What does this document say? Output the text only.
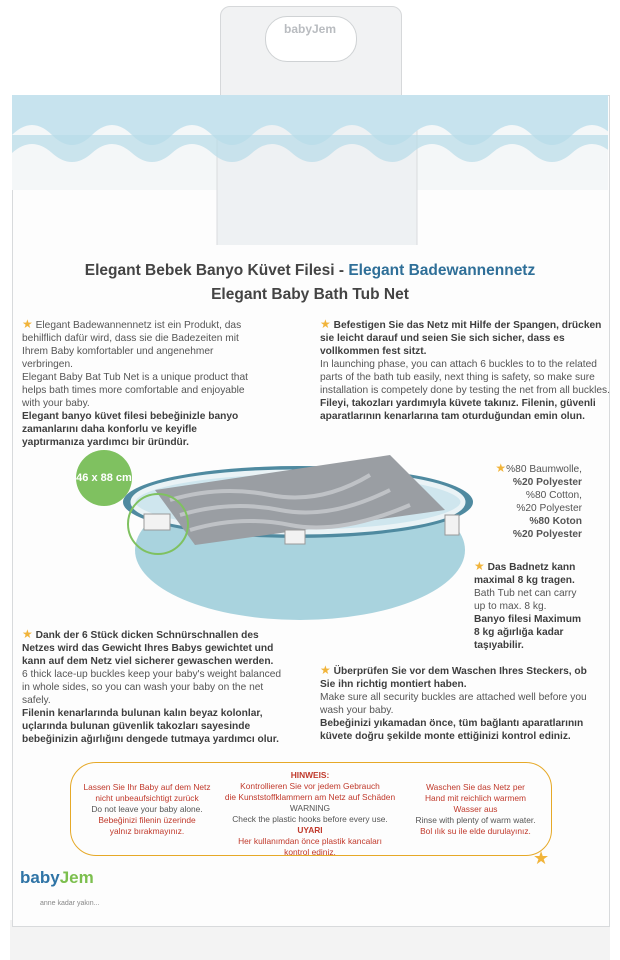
babyJem
Elegant Bebek Banyo Küvet Filesi - Elegant Badewannennetz
Elegant Baby Bath Tub Net
★ Elegant Badewannennetz ist ein Produkt, das behilflich dafür wird, dass sie die Badezeiten mit Ihrem Baby komfortabler und angenehmer verbringen.
Elegant Baby Bat Tub Net is a unique product that helps bath times more comfortable and enjoyable with your baby.
Elegant banyo küvet filesi bebeğinizle banyo zamanlarını daha konforlu ve keyifle yaptırmanıza yardımcı bir üründür.
★ Befestigen Sie das Netz mit Hilfe der Spangen, drücken sie leicht darauf und seien Sie sich sicher, dass es vollkommen fest sitzt.
In launching phase, you can attach 6 buckles to to the related parts of the bath tub easily, next thing is safety, so make sure installation is competely done by testing the net from all buckles.
Fileyi, takozları yardımıyla küvete takınız. Filenin, güvenli aparatlarının kenarlarına tam oturduğundan emin olun.
46 x 88 cm
★%80 Baumwolle,
%20 Polyester
%80 Cotton,
%20 Polyester
%80 Koton
%20 Polyester
★ Das Badnetz kann maximal 8 kg tragen.
Bath Tub net can carry up to max. 8 kg.
Banyo filesi Maximum 8 kg ağırlığa kadar taşıyabilir.
★ Dank der 6 Stück dicken Schnürschnallen des Netzes wird das Gewicht Ihres Babys gewichtet und kann auf dem Netz viel sicherer gewaschen werden.
6 thick lace-up buckles keep your baby's weight balanced in whole sides, so you can wash your baby on the net safely.
Filenin kenarlarında bulunan kalın beyaz kolonlar, uçlarında bulunan güvenlik takozları sayesinde bebeğinizin ağırlığını dengede tutmaya yardımcı olur.
★ Überprüfen Sie vor dem Waschen Ihres Steckers, ob Sie ihn richtig montiert haben.
Make sure all security buckles are attached well before you wash your baby.
Bebeğinizi yıkamadan önce, tüm bağlantı aparatlarının küvete doğru şekilde monte ettiğinizi kontrol ediniz.
Lassen Sie Ihr Baby auf dem Netz
nicht unbeaufsichtigt zurück
Do not leave your baby alone.
Bebeğinizi filenin üzerinde
yalnız bırakmayınız.
HINWEIS:
Kontrollieren Sie vor jedem Gebrauch
die Kunststoffklammern am Netz auf Schäden
WARNING
Check the plastic hooks before every use.
UYARI
Her kullanımdan önce plastik kancaları
kontrol ediniz.
Waschen Sie das Netz per
Hand mit reichlich warmem
Wasser aus
Rinse with plenty of warm water.
Bol ılık su ile elde durulayınız.
★
babyJem
anne kadar yakın...
